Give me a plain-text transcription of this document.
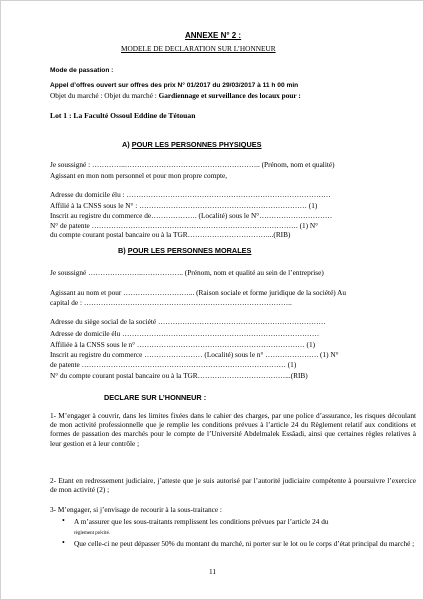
ANNEXE N° 2 :
MODELE DE DECLARATION SUR L’HONNEUR
Mode de passation :
Appel d’offres ouvert sur offres des prix N° 01/2017 du 29/03/2017 à 11 h 00 min
Objet du marché : Objet du marché : Gardiennage et surveillance des locaux pour :
Lot 1 : La Faculté Ossoul Eddine de Tétouan
A) POUR LES PERSONNES PHYSIQUES
Je soussigné : …………..……………………………………………….. (Prénom, nom et qualité)
Agissant en mon nom personnel et pour mon propre compte,
Adresse du domicile élu : …………………………………………………………………………
Affilié à la CNSS sous le N° : …………………………………………………………… (1)
Inscrit au registre du commerce de………………. (Localité) sous le N°…………………………
N° de patente …………………………………………………………………………. (1) N°
du compte courant postal bancaire ou à la TGR……………………………...(RIB)
B) POUR LES PERSONNES MORALES
Je soussigné …………………..…………….. (Prénom, nom et qualité au sein de l’entreprise)
Agissant au nom et pour ………………………... (Raison sociale et forme juridique de la société) Au
capital de : …………………………………………………………………………..
Adresse du siège social de la société ……………………………………………………………
Adresse de domicile élu ………………………………………………………………………
Affiliée à la CNSS sous le n° …………………………………………………………… (1)
Inscrit au registre du commerce …………………… (Localité) sous le n° …………………. (1) N°
de patente ………………………………………………………………………… (1)
N° du compte courant postal bancaire ou à la TGR………………………………...(RIB)
DECLARE SUR L’HONNEUR :
1- M’engager à couvrir, dans les limites fixées dans le cahier des charges, par une police d’assurance, les risques découlant de mon activité professionnelle que je remplie les conditions prévues à l’article 24 du Règlement relatif aux conditions et formes de passation des marchés pour le compte de l’Université Abdelmalek Essâadi, ainsi que certaines règles relatives à leur gestion et à leur contrôle ;
2- Etant en redressement judiciaire, j’atteste que je suis autorisé par l’autorité judiciaire compétente à poursuivre l’exercice de mon activité (2) ;
3- M’engager, si j’envisage de recourir à la sous-traitance :
• A m’assurer que les sous-traitants remplissent les conditions prévues par l’article 24 du
règlement précité.
• Que celle-ci ne peut dépasser 50% du montant du marché, ni porter sur le lot ou le corps d’état principal du marché ;
11
